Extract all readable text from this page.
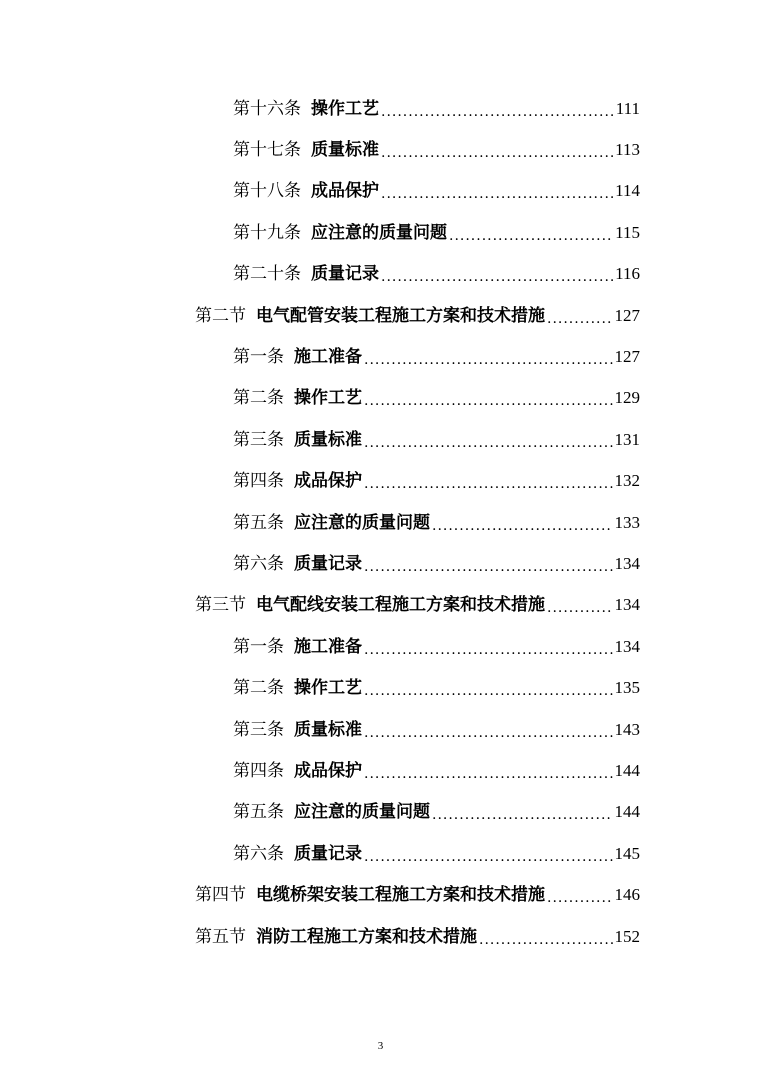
第十六条 操作工艺 .....	111
第十七条 质量标准 .....	113
第十八条 成品保护 .....	114
第十九条 应注意的质量问题 .....	115
第二十条 质量记录 .....	116
第二节 电气配管安装工程施工方案和技术措施 .....	127
第一条 施工准备 .....	127
第二条 操作工艺 .....	129
第三条 质量标准 .....	131
第四条 成品保护 .....	132
第五条 应注意的质量问题 .....	133
第六条 质量记录 .....	134
第三节 电气配线安装工程施工方案和技术措施 .....	134
第一条 施工准备 .....	134
第二条 操作工艺 .....	135
第三条 质量标准 .....	143
第四条 成品保护 .....	144
第五条 应注意的质量问题 .....	144
第六条 质量记录 .....	145
第四节 电缆桥架安装工程施工方案和技术措施 .....	146
第五节 消防工程施工方案和技术措施 .....	152
3
